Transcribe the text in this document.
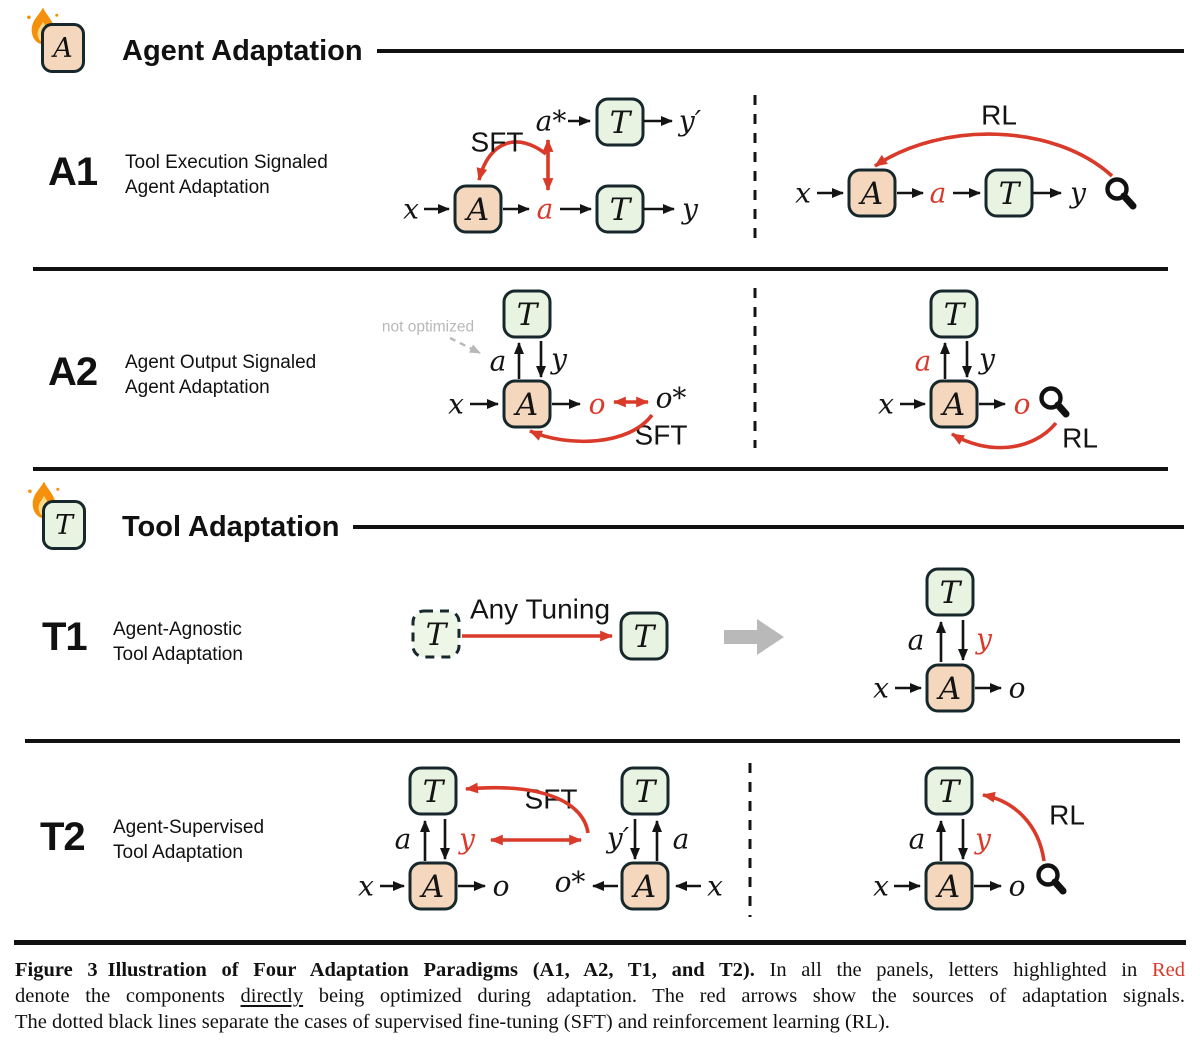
A Agent Adaptation
A1 Tool Execution Signaled
Agent Adaptation
a* T y′
x A a T y
SFT
x A a T y
RL
A2 Agent Output Signaled
Agent Adaptation
not optimized T
a y
x A o o*
SFT
T
a y
x A o
RL
T Tool Adaptation
T1 Agent-Agnostic
Tool Adaptation
T
Any Tuning
T
T
a y
x A o
T2 Agent-Supervised
Tool Adaptation
T
a y
x A o
SFT T
y′ a
o* A x
T
a y
x A o
RL
Figure 3 Illustration of Four Adaptation Paradigms (A1, A2, T1, and T2). In all the panels, letters highlighted in Red
denote the components directly being optimized during adaptation. The red arrows show the sources of adaptation signals.
The dotted black lines separate the cases of supervised fine-tuning (SFT) and reinforcement learning (RL).
